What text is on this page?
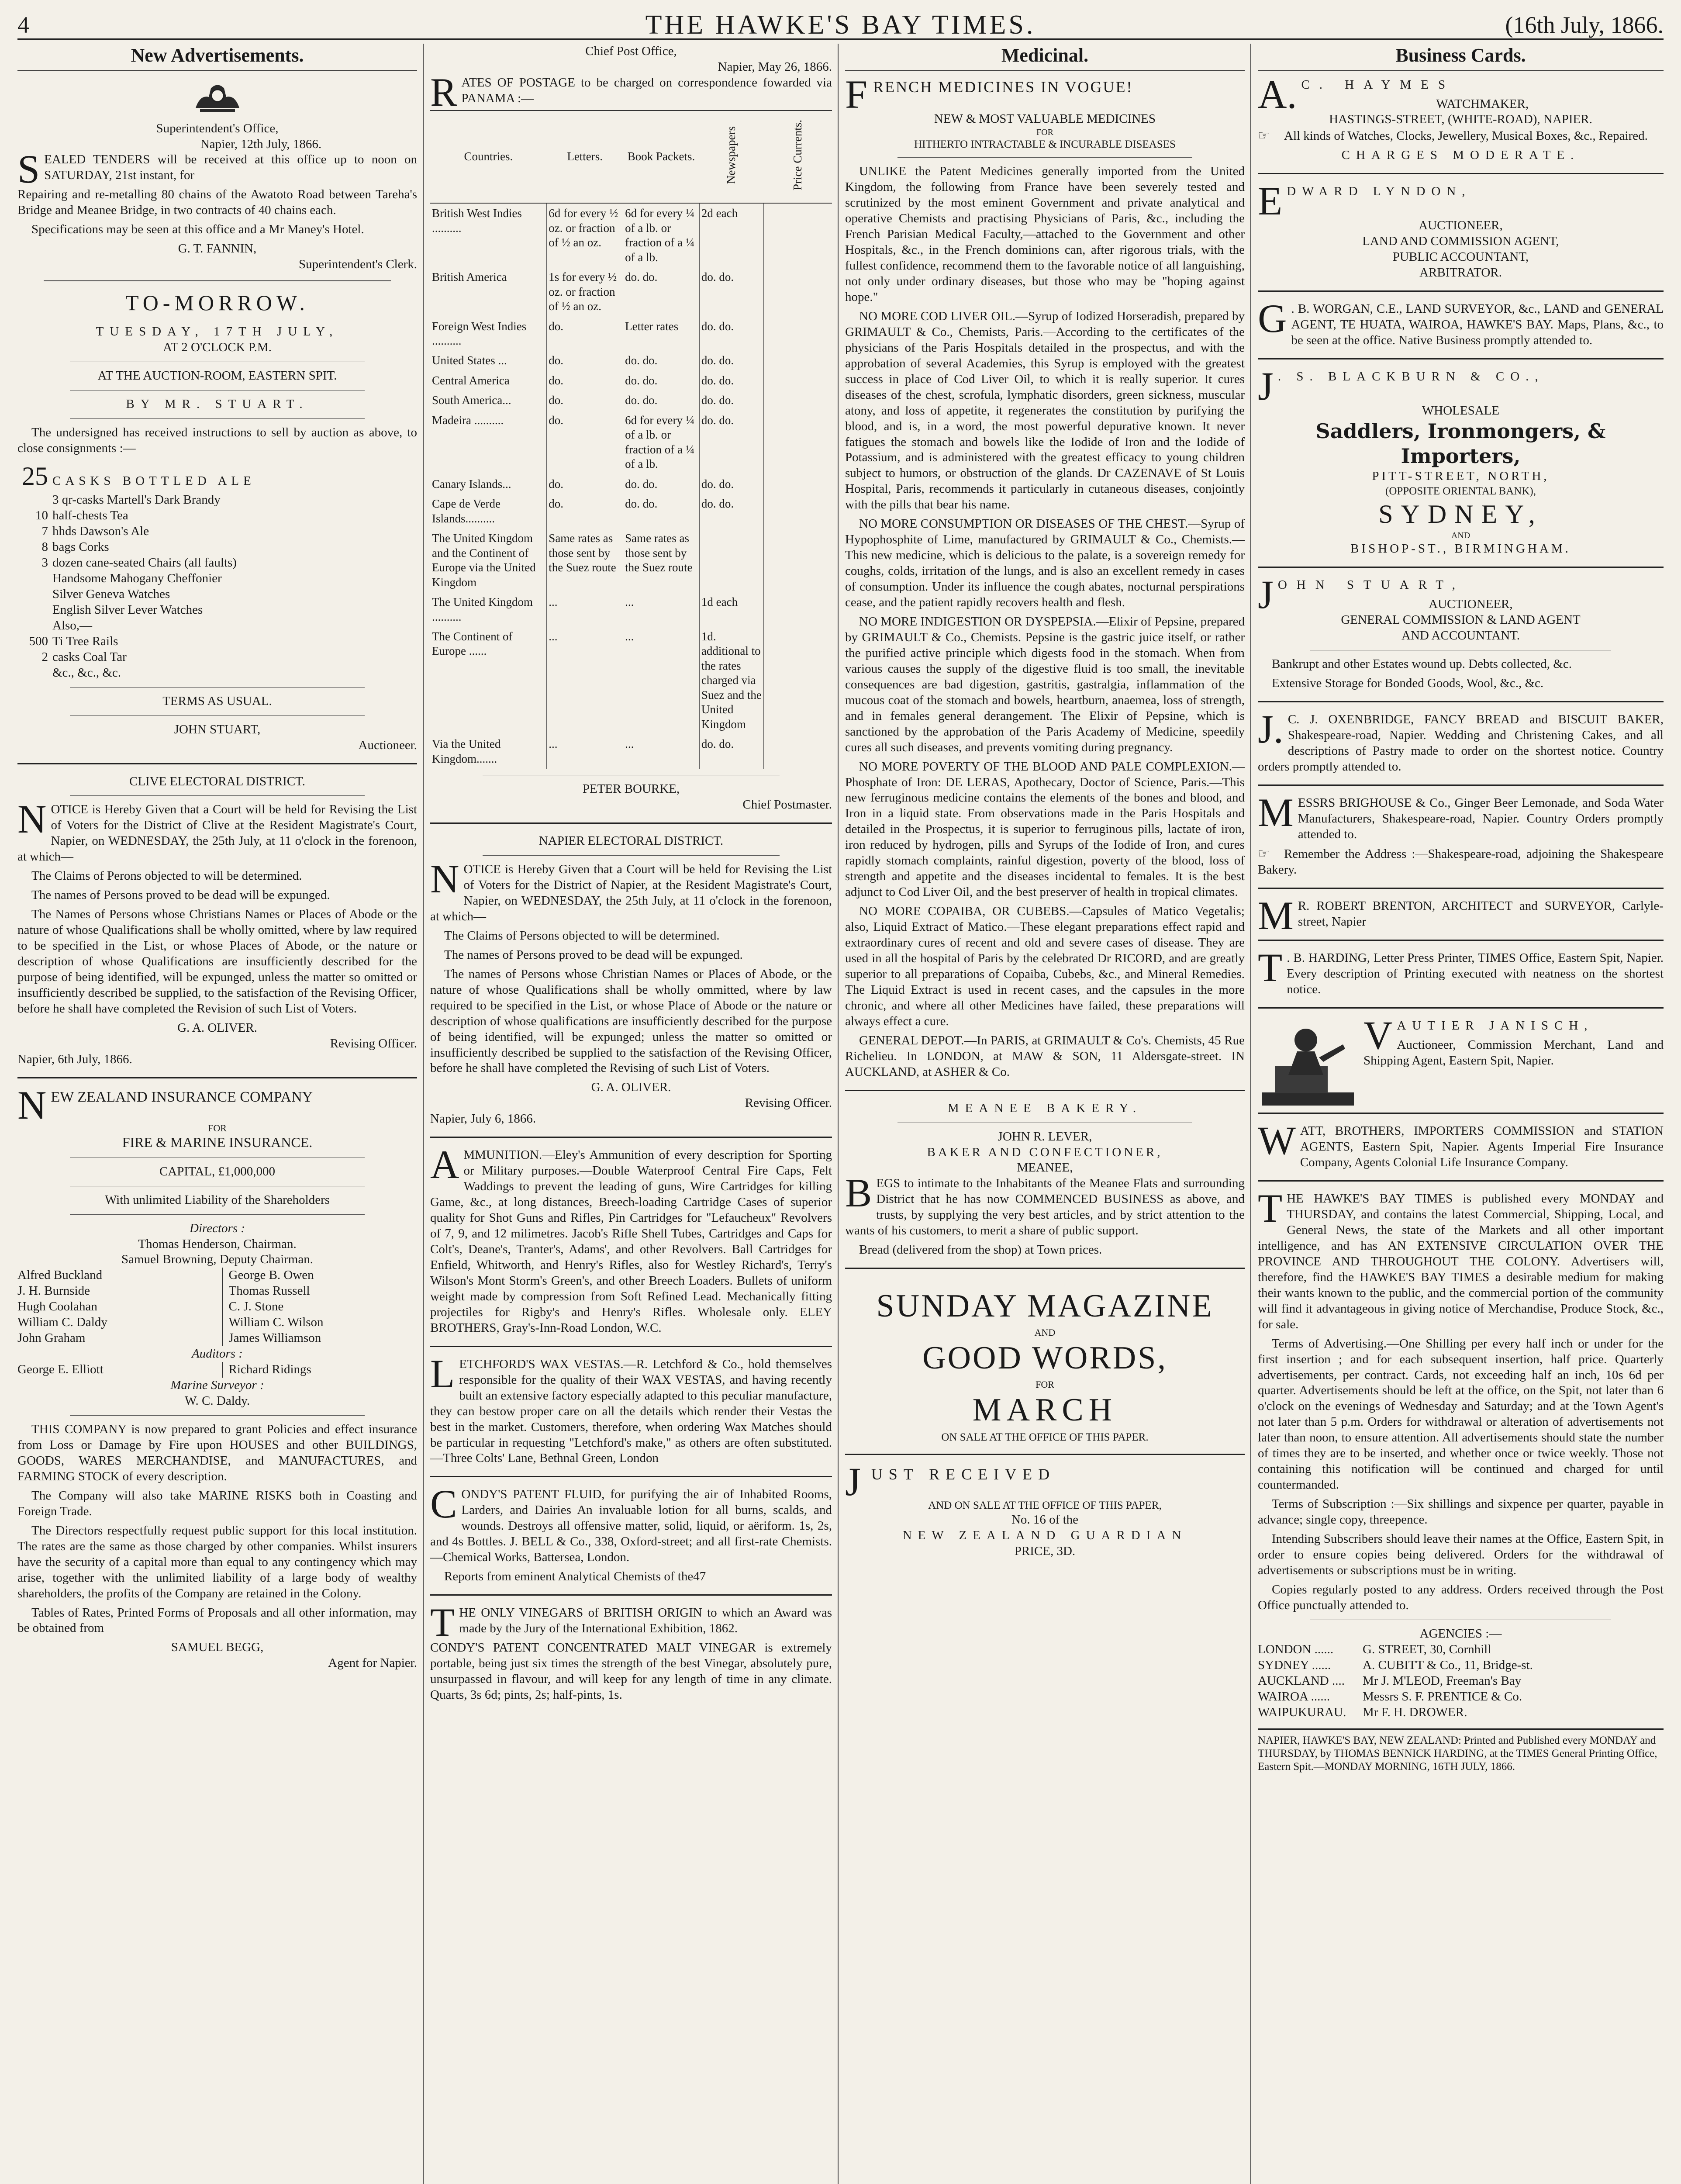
4	THE HAWKE'S BAY TIMES.	(16th July, 1866.
New Advertisements.
Superintendent's Office,
Napier, 12th July, 1866.

SEALED TENDERS will be received at this office up to noon on SATURDAY, 21st instant, for

Repairing and re-metalling 80 chains of the Awatoto Road between Tareha's Bridge and Meanee Bridge, in two contracts of 40 chains each.

Specifications may be seen at this office and a Mr Maney's Hotel.

G. T. FANNIN,
Superintendent's Clerk.
TO-MORROW.
TUESDAY, 17TH JULY,
AT 2 O'CLOCK P.M.
AT THE AUCTION-ROOM, EASTERN SPIT.
BY MR. STUART.

The undersigned has received instructions to sell by auction as above, to close consignments :—

25 CASKS BOTTLED ALE
3 qr-casks Martell's Dark Brandy
10 half-chests Tea
7 hhds Dawson's Ale
8 bags Corks
3 dozen cane-seated Chairs (all faults)
Handsome Mahogany Cheffonier
Silver Geneva Watches
English Silver Lever Watches
Also,—
500 Ti Tree Rails
2 casks Coal Tar
&c., &c., &c.
TERMS AS USUAL.
JOHN STUART,
Auctioneer.
CLIVE ELECTORAL DISTRICT.

NOTICE is Hereby Given that a Court will be held for Revising the List of Voters for the District of Clive at the Resident Magistrate's Court, Napier, on WEDNESDAY, the 25th July, at 11 o'clock in the forenoon, at which—

The Claims of Perons objected to will be determined.

The names of Persons proved to be dead will be expunged.

The Names of Persons whose Christians Names or Places of Abode or the nature of whose Qualifications shall be wholly omitted, where by law required to be specified in the List, or whose Places of Abode, or the nature or description of whose Qualifications are insufficiently described for the purpose of being identified, will be expunged, unless the matter so omitted or insufficiently described be supplied, to the satisfaction of the Revising Officer, before he shall have completed the Revision of such List of Voters.

G. A. OLIVER.
Revising Officer.
Napier, 6th July, 1866.

NEW ZEALAND INSURANCE COMPANY

FOR
FIRE & MARINE INSURANCE.
CAPITAL, £1,000,000
With unlimited Liability of the Shareholders
Directors :
Thomas Henderson, Chairman.
Samuel Browning, Deputy Chairman.
Alfred Buckland	George B. Owen
J. H. Burnside	Thomas Russell
Hugh Coolahan	C. J. Stone
William C. Daldy	William C. Wilson
John Graham	James Williamson
Auditors :
George E. Elliott	Richard Ridings
Marine Surveyor :
W. C. Daldy.

THIS COMPANY is now prepared to grant Policies and effect insurance from Loss or Damage by Fire upon HOUSES and other BUILDINGS, GOODS, WARES MERCHANDISE, and MANUFACTURES, and FARMING STOCK of every description.

The Company will also take MARINE RISKS both in Coasting and Foreign Trade.

The Directors respectfully request public support for this local institution. The rates are the same as those charged by other companies. Whilst insurers have the security of a capital more than equal to any contingency which may arise, together with the unlimited liability of a large body of wealthy shareholders, the profits of the Company are retained in the Colony.

Tables of Rates, Printed Forms of Proposals and all other information, may be obtained from

SAMUEL BEGG,
Agent for Napier.
Chief Post Office,
Napier, May 26, 1866.

RATES OF POSTAGE to be charged on correspondence fowarded via PANAMA :—

Countries.	Letters.	Book Packets.	Newspapers	Price Currents.
British West Indies ..........	6d for every ½ oz. or fraction of ½ an oz.	6d for every ¼ of a lb. or fraction of a ¼ of a lb.	2d each	
British America	1s for every ½ oz. or fraction of ½ an oz.	do. do.	do. do.	
Foreign West Indies ..........	do.	Letter rates	do. do.	
United States ...	do.	do. do.	do. do.	
Central America	do.	do. do.	do. do.	
South America...	do.	do. do.	do. do.	
Madeira ..........	do.	6d for every ¼ of a lb. or fraction of a ¼ of a lb.	do. do.	
Canary Islands...	do.	do. do.	do. do.	
Cape de Verde Islands..........	do.	do. do.	do. do.	
The United Kingdom and the Continent of Europe via the United Kingdom	Same rates as those sent by the Suez route	Same rates as those sent by the Suez route		
The United Kingdom ..........	...	...	1d each	
The Continent of Europe ......	...	...	1d. additional to the rates charged via Suez and the United Kingdom	
Via the United Kingdom.......	...	...	do. do.	
PETER BOURKE,
Chief Postmaster.
NAPIER ELECTORAL DISTRICT.

NOTICE is Hereby Given that a Court will be held for Revising the List of Voters for the District of Napier, at the Resident Magistrate's Court, Napier, on WEDNESDAY, the 25th July, at 11 o'clock in the forenoon, at which—

The Claims of Persons objected to will be determined.

The names of Persons proved to be dead will be expunged.

The names of Persons whose Christian Names or Places of Abode, or the nature of whose Qualifications shall be wholly ommitted, where by law required to be specified in the List, or whose Place of Abode or the nature or description of whose qualifications are insufficiently described for the purpose of being identified, will be expunged; unless the matter so omitted or insufficiently described be supplied to the satisfaction of the Revising Officer, before he shall have completed the Revising of such List of Voters.

G. A. OLIVER.
Revising Officer.
Napier, July 6, 1866.

AMMUNITION.—Eley's Ammunition of every description for Sporting or Military purposes.—Double Waterproof Central Fire Caps, Felt Waddings to prevent the leading of guns, Wire Cartridges for killing Game, &c., at long distances, Breech-loading Cartridge Cases of superior quality for Shot Guns and Rifles, Pin Cartridges for "Lefaucheux" Revolvers of 7, 9, and 12 milimetres. Jacob's Rifle Shell Tubes, Cartridges and Caps for Colt's, Deane's, Tranter's, Adams', and other Revolvers. Ball Cartridges for Enfield, Whitworth, and Henry's Rifles, also for Westley Richard's, Terry's Wilson's Mont Storm's Green's, and other Breech Loaders. Bullets of uniform weight made by compression from Soft Refined Lead. Mechanically fitting projectiles for Rigby's and Henry's Rifles. Wholesale only. ELEY BROTHERS, Gray's-Inn-Road London, W.C.

LETCHFORD'S WAX VESTAS.—R. Letchford & Co., hold themselves responsible for the quality of their WAX VESTAS, and having recently built an extensive factory especially adapted to this peculiar manufacture, they can bestow proper care on all the details which render their Vestas the best in the market. Customers, therefore, when ordering Wax Matches should be particular in requesting "Letchford's make," as others are often substituted.—Three Colts' Lane, Bethnal Green, London

CONDY'S PATENT FLUID, for purifying the air of Inhabited Rooms, Larders, and Dairies An invaluable lotion for all burns, scalds, and wounds. Destroys all offensive matter, solid, liquid, or aëriform. 1s, 2s, and 4s Bottles. J. BELL & Co., 338, Oxford-street; and all first-rate Chemists.—Chemical Works, Battersea, London.

Reports from eminent Analytical Chemists of the47

THE ONLY VINEGARS of BRITISH ORIGIN to which an Award was made by the Jury of the International Exhibition, 1862.

CONDY'S PATENT CONCENTRATED MALT VINEGAR is extremely portable, being just six times the strength of the best Vinegar, absolutely pure, unsurpassed in flavour, and will keep for any length of time in any climate. Quarts, 3s 6d; pints, 2s; half-pints, 1s.

Medicinal.

FRENCH MEDICINES IN VOGUE!

NEW & MOST VALUABLE MEDICINES
FOR
HITHERTO INTRACTABLE & INCURABLE DISEASES

UNLIKE the Patent Medicines generally imported from the United Kingdom, the following from France have been severely tested and scrutinized by the most eminent Government and private analytical and operative Chemists and practising Physicians of Paris, &c., including the French Parisian Medical Faculty,—attached to the Government and other Hospitals, &c., in the French dominions can, after rigorous trials, with the fullest confidence, recommend them to the favorable notice of all languishing, not only under ordinary diseases, but those who may be "hoping against hope."

NO MORE COD LIVER OIL.—Syrup of Iodized Horseradish, prepared by GRIMAULT & Co., Chemists, Paris.—According to the certificates of the physicians of the Paris Hospitals detailed in the prospectus, and with the approbation of several Academies, this Syrup is employed with the greatest success in place of Cod Liver Oil, to which it is really superior. It cures diseases of the chest, scrofula, lymphatic disorders, green sickness, muscular atony, and loss of appetite, it regenerates the constitution by purifying the blood, and is, in a word, the most powerful depurative known. It never fatigues the stomach and bowels like the Iodide of Iron and the Iodide of Potassium, and is administered with the greatest efficacy to young children subject to humors, or obstruction of the glands. Dr CAZENAVE of St Louis Hospital, Paris, recommends it particularly in cutaneous diseases, conjointly with the pills that bear his name.

NO MORE CONSUMPTION OR DISEASES OF THE CHEST.—Syrup of Hypophosphite of Lime, manufactured by GRIMAULT & Co., Chemists.—This new medicine, which is delicious to the palate, is a sovereign remedy for coughs, colds, irritation of the lungs, and is also an excellent remedy in cases of consumption. Under its influence the cough abates, nocturnal perspirations cease, and the patient rapidly recovers health and flesh.

NO MORE INDIGESTION OR DYSPEPSIA.—Elixir of Pepsine, prepared by GRIMAULT & Co., Chemists. Pepsine is the gastric juice itself, or rather the purified active principle which digests food in the stomach. When from various causes the supply of the digestive fluid is too small, the inevitable consequences are bad digestion, gastritis, gastralgia, inflammation of the mucous coat of the stomach and bowels, heartburn, anaemea, loss of strength, and in females general derangement. The Elixir of Pepsine, which is sanctioned by the approbation of the Paris Academy of Medicine, speedily cures all such diseases, and prevents vomiting during pregnancy.

NO MORE POVERTY OF THE BLOOD AND PALE COMPLEXION.—Phosphate of Iron: DE LERAS, Apothecary, Doctor of Science, Paris.—This new ferruginous medicine contains the elements of the bones and blood, and Iron in a liquid state. From observations made in the Paris Hospitals and detailed in the Prospectus, it is superior to ferruginous pills, lactate of iron, iron reduced by hydrogen, pills and Syrups of the Iodide of Iron, and cures rapidly stomach complaints, rainful digestion, poverty of the blood, loss of strength and appetite and the diseases incidental to females. It is the best adjunct to Cod Liver Oil, and the best preserver of health in tropical climates.

NO MORE COPAIBA, OR CUBEBS.—Capsules of Matico Vegetalis; also, Liquid Extract of Matico.—These elegant preparations effect rapid and extraordinary cures of recent and old and severe cases of disease. They are used in all the hospital of Paris by the celebrated Dr RICORD, and are greatly superior to all preparations of Copaiba, Cubebs, &c., and Mineral Remedies. The Liquid Extract is used in recent cases, and the capsules in the more chronic, and where all other Medicines have failed, these preparations will always effect a cure.

GENERAL DEPOT.—In PARIS, at GRIMAULT & Co's. Chemists, 45 Rue Richelieu. In LONDON, at MAW & SON, 11 Aldersgate-street. IN AUCKLAND, at ASHER & Co.

MEANEE BAKERY.
JOHN R. LEVER,
BAKER AND CONFECTIONER,
MEANEE,

BEGS to intimate to the Inhabitants of the Meanee Flats and surrounding District that he has now COMMENCED BUSINESS as above, and trusts, by supplying the very best articles, and by strict attention to the wants of his customers, to merit a share of public support.

Bread (delivered from the shop) at Town prices.

SUNDAY MAGAZINE
AND
GOOD WORDS,
FOR
MARCH
ON SALE AT THE OFFICE OF THIS PAPER.

JUST RECEIVED

AND ON SALE AT THE OFFICE OF THIS PAPER,
No. 16 of the
NEW ZEALAND GUARDIAN
PRICE, 3D.
Business Cards.

A. C. HAYMES

WATCHMAKER,
HASTINGS-STREET, (WHITE-ROAD), NAPIER.

☞ All kinds of Watches, Clocks, Jewellery, Musical Boxes, &c., Repaired.

CHARGES MODERATE.

EDWARD LYNDON,

AUCTIONEER,
LAND AND COMMISSION AGENT,
PUBLIC ACCOUNTANT,
ARBITRATOR.

G . B. WORGAN, C.E., LAND SURVEYOR, &c., LAND and GENERAL AGENT, TE HUATA, WAIROA, HAWKE'S BAY. Maps, Plans, &c., to be seen at the office. Native Business promptly attended to.

J . S. BLACKBURN & CO.,

WHOLESALE
Saddlers, Ironmongers, & Importers,
PITT-STREET, NORTH,
(OPPOSITE ORIENTAL BANK),
SYDNEY,
AND
BISHOP-ST., BIRMINGHAM.

JOHN STUART,

AUCTIONEER,
GENERAL COMMISSION & LAND AGENT
AND ACCOUNTANT.

Bankrupt and other Estates wound up. Debts collected, &c.

Extensive Storage for Bonded Goods, Wool, &c., &c.

J. C. J. OXENBRIDGE, FANCY BREAD and BISCUIT BAKER, Shakespeare-road, Napier. Wedding and Christening Cakes, and all descriptions of Pastry made to order on the shortest notice. Country orders promptly attended to.

MESSRS BRIGHOUSE & Co., Ginger Beer Lemonade, and Soda Water Manufacturers, Shakespeare-road, Napier. Country Orders promptly attended to.

☞ Remember the Address :—Shakespeare-road, adjoining the Shakespeare Bakery.

M R. ROBERT BRENTON, ARCHITECT and SURVEYOR, Carlyle-street, Napier

T . B. HARDING, Letter Press Printer, TIMES Office, Eastern Spit, Napier. Every description of Printing executed with neatness on the shortest notice.

VAUTIER JANISCH,

Auctioneer, Commission Merchant, Land and Shipping Agent, Eastern Spit, Napier.

WATT, BROTHERS, IMPORTERS COMMISSION and STATION AGENTS, Eastern Spit, Napier. Agents Imperial Fire Insurance Company, Agents Colonial Life Insurance Company.

THE HAWKE'S BAY TIMES is published every MONDAY and THURSDAY, and contains the latest Commercial, Shipping, Local, and General News, the state of the Markets and all other important intelligence, and has AN EXTENSIVE CIRCULATION OVER THE PROVINCE AND THROUGHOUT THE COLONY. Advertisers will, therefore, find the HAWKE'S BAY TIMES a desirable medium for making their wants known to the public, and the commercial portion of the community will find it advantageous in giving notice of Merchandise, Produce Stock, &c., for sale.

Terms of Advertising.—One Shilling per every half inch or under for the first insertion ; and for each subsequent insertion, half price. Quarterly advertisements, per contract. Cards, not exceeding half an inch, 10s 6d per quarter. Advertisements should be left at the office, on the Spit, not later than 6 o'clock on the evenings of Wednesday and Saturday; and at the Town Agent's not later than 5 p.m. Orders for withdrawal or alteration of advertisements not later than noon, to ensure attention. All advertisements should state the number of times they are to be inserted, and whether once or twice weekly. Those not containing this notification will be continued and charged for until countermanded.

Terms of Subscription :—Six shillings and sixpence per quarter, payable in advance; single copy, threepence.

Intending Subscribers should leave their names at the Office, Eastern Spit, in order to ensure copies being delivered. Orders for the withdrawal of advertisements or subscriptions must be in writing.

Copies regularly posted to any address. Orders received through the Post Office punctually attended to.

AGENCIES :—
LONDON ...... G. STREET, 30, Cornhill
SYDNEY ......	A. CUBITT & Co., 11, Bridge-st.
AUCKLAND .... Mr J. M'LEOD, Freeman's Bay
WAIROA ......	Messrs S. F. PRENTICE & Co.
WAIPUKURAU. Mr F. H. DROWER.
NAPIER, HAWKE'S BAY, NEW ZEALAND: Printed and Published every MONDAY and THURSDAY, by THOMAS BENNICK HARDING, at the TIMES General Printing Office, Eastern Spit.—MONDAY MORNING, 16TH JULY, 1866.
